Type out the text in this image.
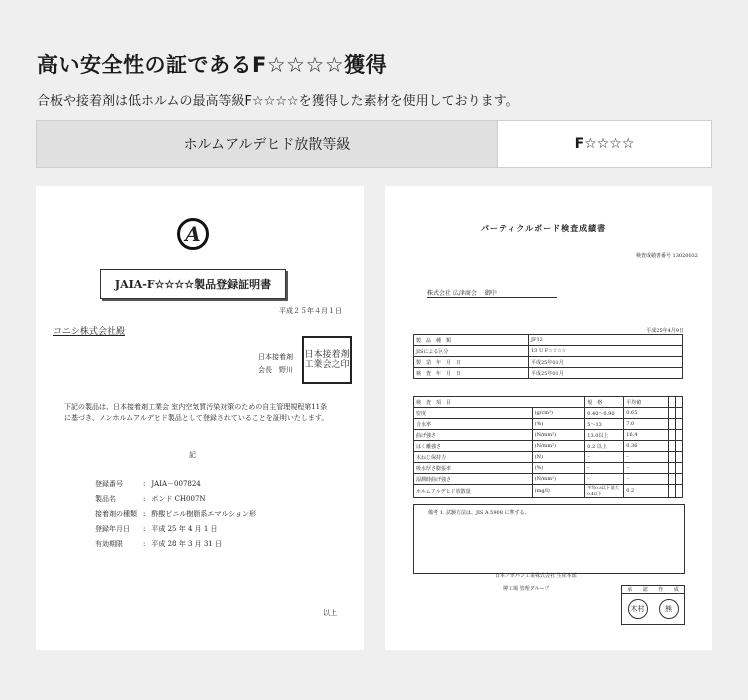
高い安全性の証であるF☆☆☆☆獲得
合板や接着剤は低ホルムの最高等級F☆☆☆☆を獲得した素材を使用しております。
ホルムアルデヒド放散等級	F☆☆☆☆
A
JAIA-F☆☆☆☆製品登録証明書
平成２５年４月１日
コニシ株式会社殿
日本接着剤
会長　野川
日本接着剤工業会之印
下記の製品は、日本接着剤工業会 室内空気質汚染対策のための自主管理規程第11条に基づき、ノンホルムアルデヒド製品として登録されていることを証明いたします。
記
登録番号	:	JAIA－007824
製品名	:	ボンド CH007N
接着剤の種類	:	酢酸ビニル樹脂系エマルション形
登録年月日	:	平成 25 年 4 月 1 日
有効期限	:	平成 28 年 3 月 31 日
以上
パーティクルボード検査成績書
検査成績書番号 13020032
株式会社 広津商会 御中
平成25年4月9日
製　品　種　類	JF12
JISによる区分	13 U F☆☆☆☆
製　造　年　月　日	平成25年01月
検　査　年　月　日	平成25年01月
検　査　項　目		規　格	平均値		
密度	(g/cm³)	0.40～0.90	0.65		
含水率	(%)	5～13	7.0		
曲げ強さ	(N/mm²)	13.0以上	16.4		
はく離強さ	(N/mm²)	0.2 以上	0.36		
木ねじ保持力	(N)	–	–		
吸水厚さ膨張率	(%)	–	–		
湿潤時曲げ強さ	(N/mm²)	–	–		
ホルムアルデヒド放散量	(mg/l)	平均0.3以下 最大0.4以下	0.2		
備考 1. 試験方法は、JIS A 5908 に準ずる。
日本ノボパン工業株式会社 生産本部
堺工場 管理グループ	承 認 作 成
木村	熊
